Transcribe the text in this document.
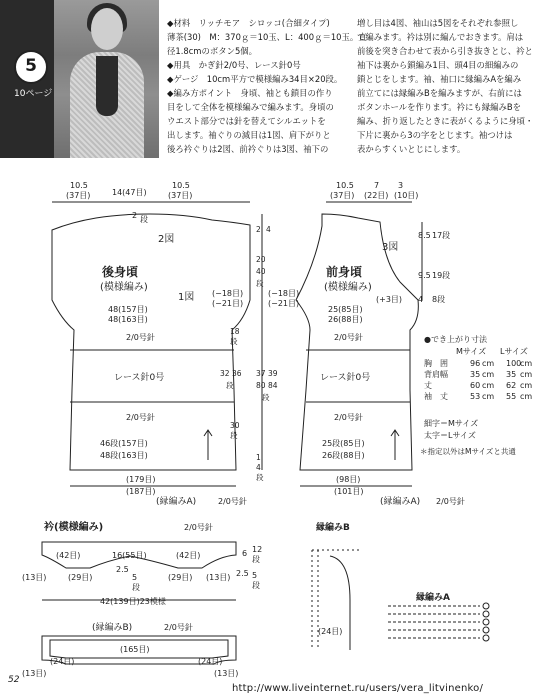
5
10ページ
◆材料　リッチモア　シロッコ(合細タイプ)
薄茶(30)　M：370ｇ＝10玉、L：400ｇ＝10玉。直
径1.8cmのボタン5個。
◆用具　かぎ針2/0号、レース針0号
◆ゲージ　10cm平方で模様編み34目×20段。
◆編み方ポイント　身頃、袖とも鎖目の作り
目をして全体を模様編みで編みます。身頃の
ウエスト部分では針を替えてシルエットを
出します。袖ぐりの減目は1図、肩下がりと
後ろ衿ぐりは2図、前衿ぐりは3図、袖下の
増し目は4図、袖山は5図をそれぞれ参照し
て編みます。衿は別に編んでおきます。肩は
前後を突き合わせて表から引き抜きとじ、衿と
袖下は裏から鎖編み1目、頭4目の細編みの
鎖とじをします。袖、袖口に縁編みAを編み
前立てには縁編みBを編みますが、右前には
ボタンホールを作ります。衿にも縁編みBを
編み、折り返したときに表がくるように身頃・
下片に裏から3の字をとじます。袖つけは
表からすくいとじにします。
10.5
(37目)	14(47目)
10.5
(37目)
2 段
2図
1図
後身頃
(模様編み)
48(157目)
48(163目)
2/0号針
レース針0号
2/0号針
46段(157目)
48段(163目)
(179目)
(187目)
(縁編みA)	2/0号針
(−18目)
(−21目)
2 4
20
40
段
18
段
32 36
段
37 39
80 84
段
30
段
1
4
段
10.5
(37目)
7
(22目)
3
(10目)
3図
前身頃
(模様編み)
25(85目)
26(88目)
(+3目)
2/0号針
レース針0号
2/0号針
25段(85目)
26段(88目)
(98目)
(101目)
(縁編みA) 2/0号針
(−18目)
(−21目)
8.5 17段
9.5 19段
4 8段
●でき上がり寸法
Mサイズ Lサイズ
胸　囲	96 cm 100
cm
背肩幅	35 cm 35 cm
丈	60 cm 62 cm
袖　丈	53 cm 55 cm
細字＝Mサイズ
太字＝Lサイズ
＊指定以外はMサイズと共通
衿(模様編み)	2/0号針
(42目)	16(55目)	(42目)
(13目)	(13目)
(29目)	(29目)
2.5
5
段
6 12
段
2.5 5
段
42(139目)23模様
(縁編みB)	2/0号針
(165目)
(24目)	(24目)
(13目)	(13目)
縁編みB
(24目)
縁編みA
52
http://www.liveinternet.ru/users/vera_litvinenko/
